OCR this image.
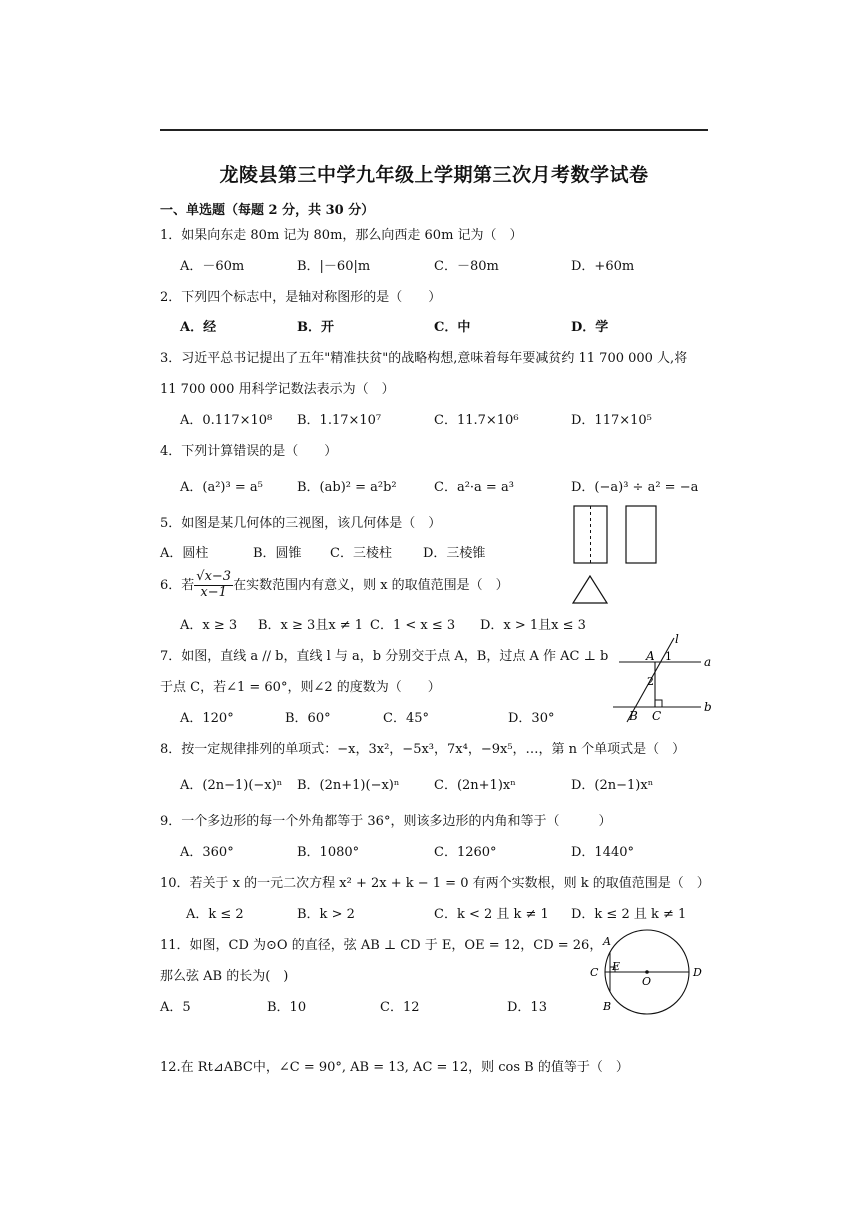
龙陵县第三中学九年级上学期第三次月考数学试卷
一、单选题（每题 2 分，共 30 分）
1．如果向东走 80m 记为 80m，那么向西走 60m 记为（　）
A．－60m	B．|－60|m	C．－80m	D．+60m
2．下列四个标志中，是轴对称图形的是（　　）
A．经	B．开	C．中	D．学
3．习近平总书记提出了五年"精准扶贫"的战略构想,意味着每年要减贫约 11 700 000 人,将
11 700 000 用科学记数法表示为（　）
A．0.117×10⁸ B．1.17×10⁷	C．11.7×10⁶	D．117×10⁵
4．下列计算错误的是（　　）
A．(a²)³ = a⁵	B．(ab)² = a²b²	C．a²·a = a³	D．(−a)³ ÷ a² = −a
5．如图是某几何体的三视图，该几何体是（　）
A．圆柱	B．圆锥 C．三棱柱 D．三棱锥
6．若 $\frac{√x-3}{x-1}$ 在实数范围内有意义，则 x 的取值范围是（　）
A．x ≥ 3 B．x ≥ 3且x ≠ 1 C．1 < x ≤ 3 D．x > 1且x ≤ 3
7．如图，直线 a // b，直线 l 与 a，b 分别交于点 A，B，过点 A 作 AC ⊥ b
于点 C，若∠1 = 60°，则∠2 的度数为（　　）
A．120°	B．60°	C．45°	D．30°
l
a
b
A
B C
1
2
8．按一定规律排列的单项式：−x，3x²，−5x³，7x⁴，−9x⁵，…，第 n 个单项式是（　）
A．(2n−1)(−x)ⁿ B．(2n+1)(−x)ⁿ	C．(2n+1)xⁿ	D．(2n−1)xⁿ
9．一个多边形的每一个外角都等于 36°，则该多边形的内角和等于（　　　）
A．360°	B．1080°	C．1260°	D．1440°
10．若关于 x 的一元二次方程 x² + 2x + k − 1 = 0 有两个实数根，则 k 的取值范围是（　）
A．k ≤ 2	B．k > 2	C．k < 2 且 k ≠ 1 D．k ≤ 2 且 k ≠ 1
11．如图，CD 为⊙O 的直径，弦 AB ⊥ CD 于 E，OE = 12，CD = 26，
那么弦 AB 的长为(　)
A．5	B．10	C．12	D．13
A
B
C	D
E
O
12.在 Rt⊿ABC中，∠C = 90°, AB = 13, AC = 12，则 cos B 的值等于（　）
